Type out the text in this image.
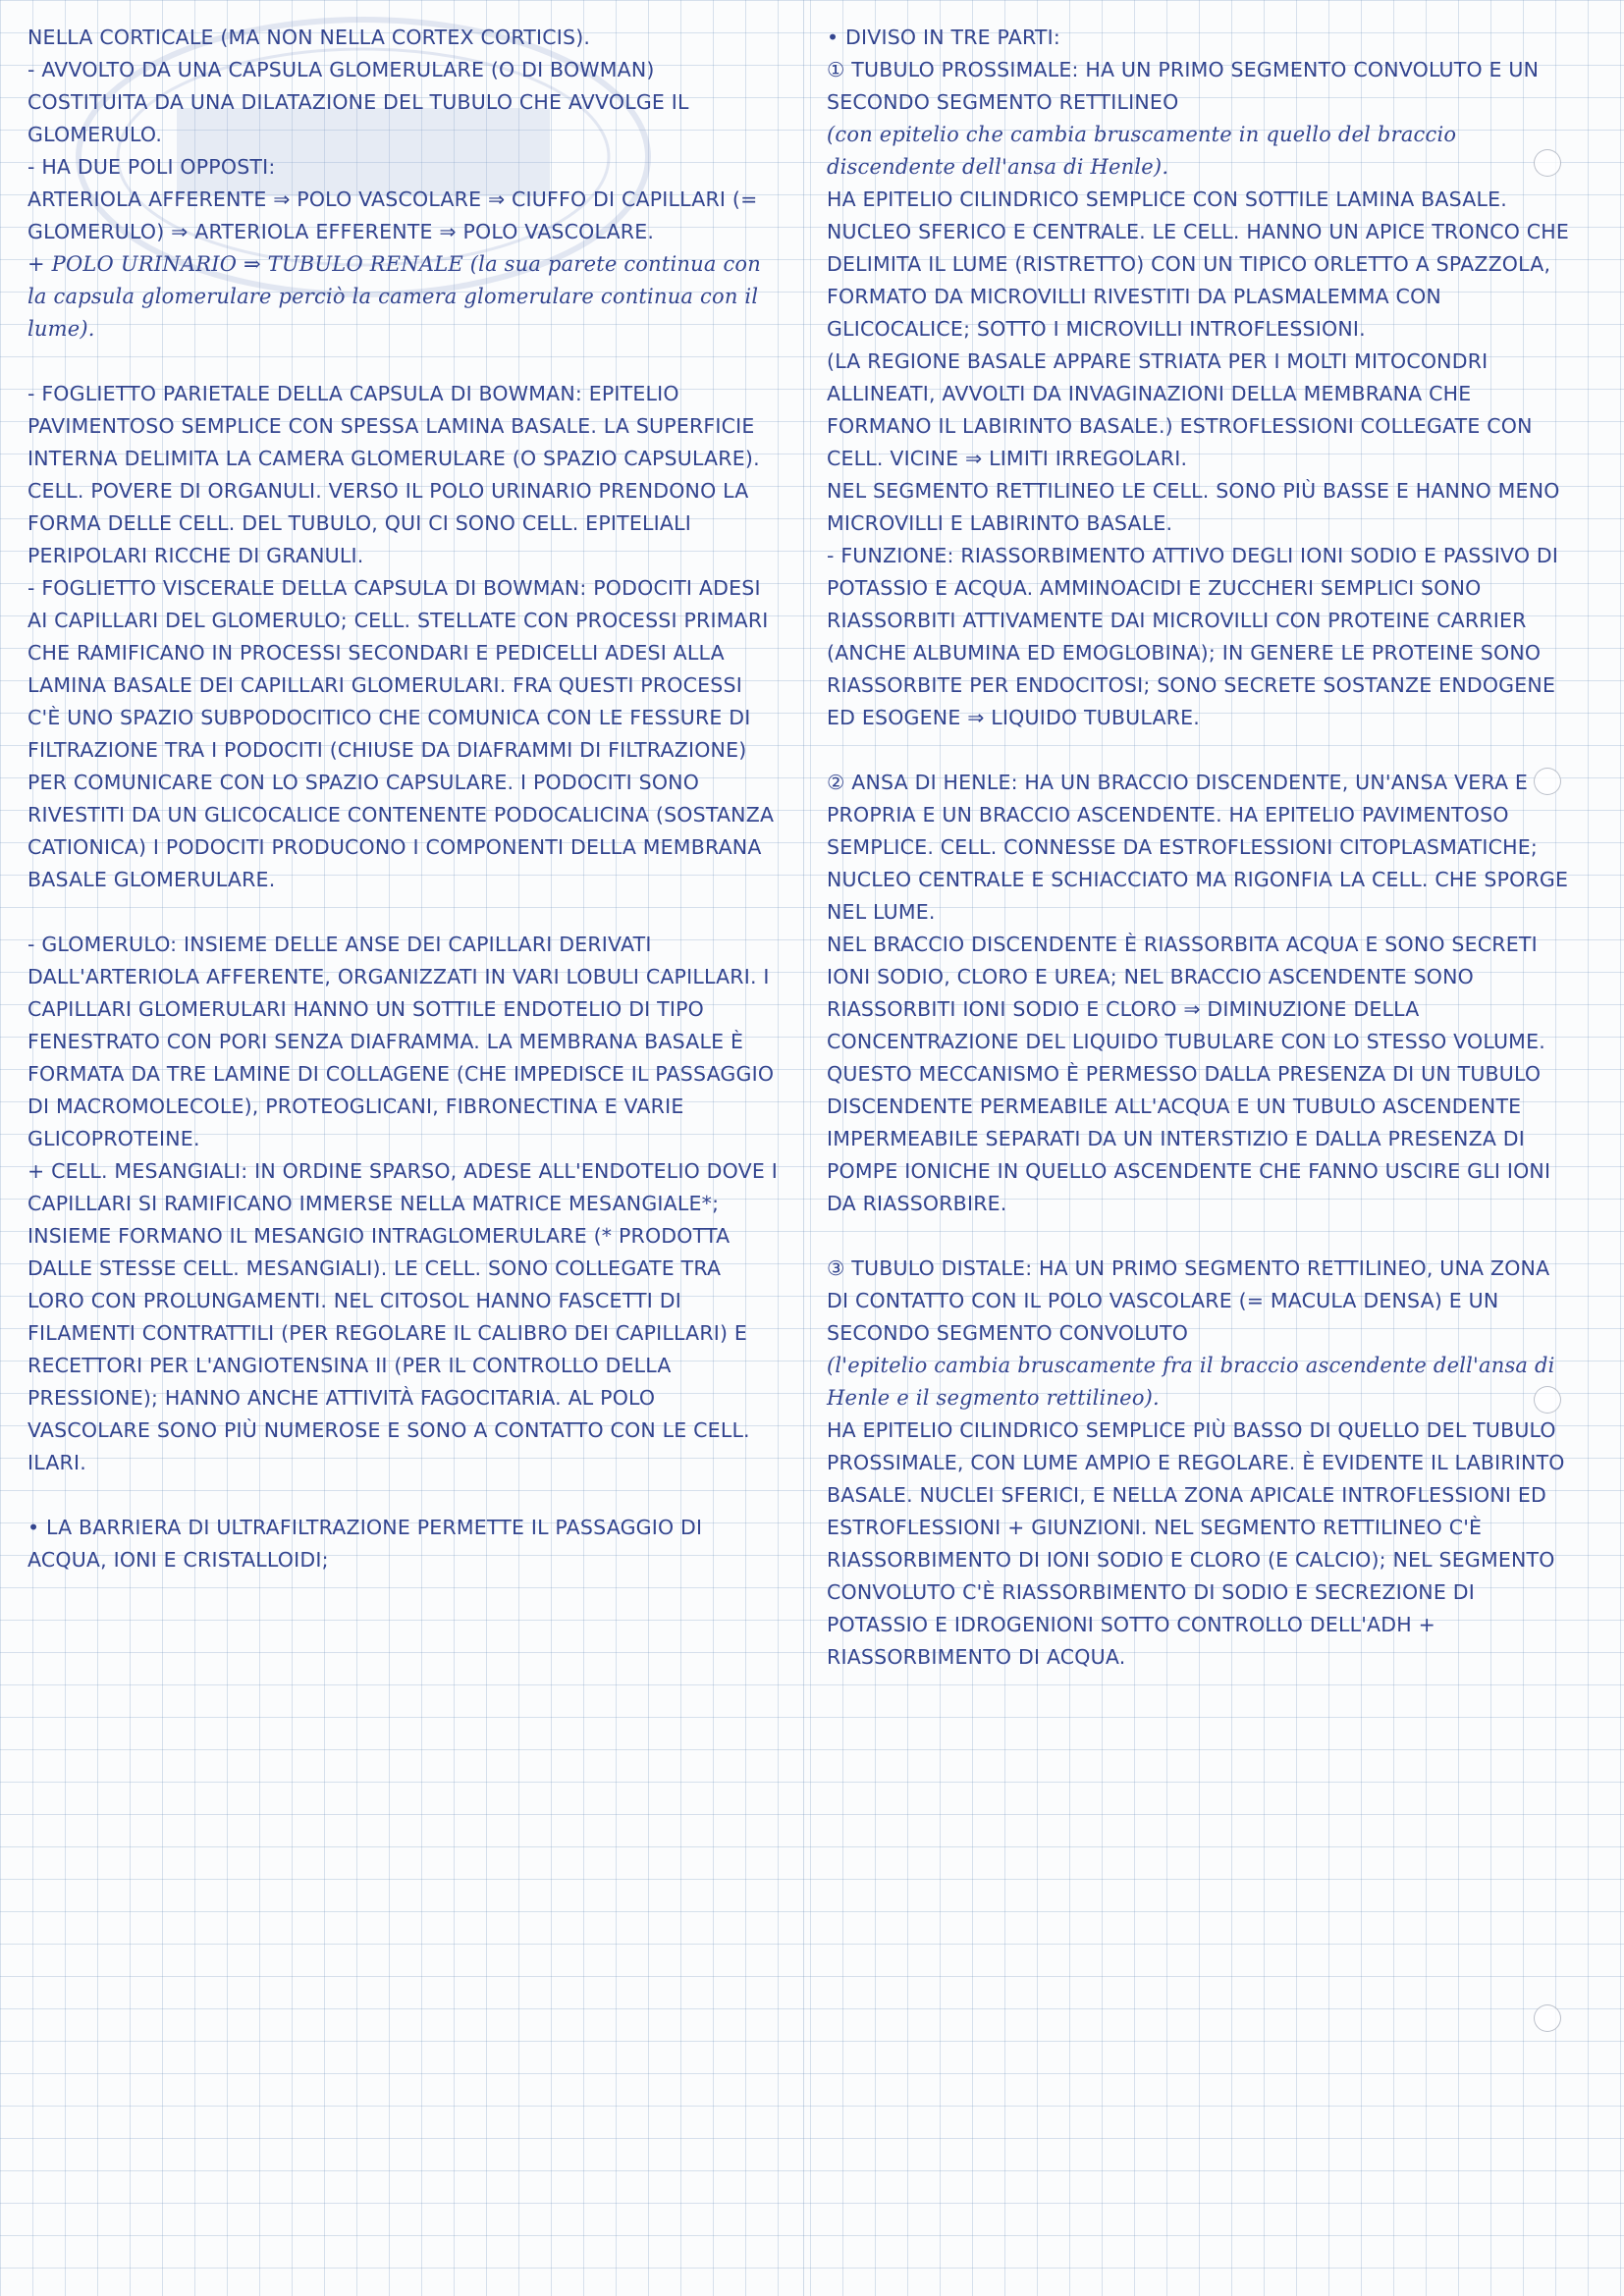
NELLA CORTICALE (MA NON NELLA CORTEX CORTICIS).

- AVVOLTO DA UNA CAPSULA GLOMERULARE (O DI BOWMAN) COSTITUITA DA UNA DILATAZIONE DEL TUBULO CHE AVVOLGE IL GLOMERULO.

- HA DUE POLI OPPOSTI:

ARTERIOLA AFFERENTE ⇒ POLO VASCOLARE ⇒ CIUFFO DI CAPILLARI (= GLOMERULO) ⇒ ARTERIOLA EFFERENTE ⇒ POLO VASCOLARE.

+ POLO URINARIO ⇒ TUBULO RENALE (la sua parete continua con la capsula glomerulare perciò la camera glomerulare continua con il lume).

- FOGLIETTO PARIETALE DELLA CAPSULA DI BOWMAN: EPITELIO PAVIMENTOSO SEMPLICE CON SPESSA LAMINA BASALE. LA SUPERFICIE INTERNA DELIMITA LA CAMERA GLOMERULARE (O SPAZIO CAPSULARE). CELL. POVERE DI ORGANULI. VERSO IL POLO URINARIO PRENDONO LA FORMA DELLE CELL. DEL TUBULO, QUI CI SONO CELL. EPITELIALI PERIPOLARI RICCHE DI GRANULI.

- FOGLIETTO VISCERALE DELLA CAPSULA DI BOWMAN: PODOCITI ADESI AI CAPILLARI DEL GLOMERULO; CELL. STELLATE CON PROCESSI PRIMARI CHE RAMIFICANO IN PROCESSI SECONDARI E PEDICELLI ADESI ALLA LAMINA BASALE DEI CAPILLARI GLOMERULARI. FRA QUESTI PROCESSI C'È UNO SPAZIO SUBPODOCITICO CHE COMUNICA CON LE FESSURE DI FILTRAZIONE TRA I PODOCITI (CHIUSE DA DIAFRAMMI DI FILTRAZIONE) PER COMUNICARE CON LO SPAZIO CAPSULARE. I PODOCITI SONO RIVESTITI DA UN GLICOCALICE CONTENENTE PODOCALICINA (SOSTANZA CATIONICA) I PODOCITI PRODUCONO I COMPONENTI DELLA MEMBRANA BASALE GLOMERULARE.

- GLOMERULO: INSIEME DELLE ANSE DEI CAPILLARI DERIVATI DALL'ARTERIOLA AFFERENTE, ORGANIZZATI IN VARI LOBULI CAPILLARI. I CAPILLARI GLOMERULARI HANNO UN SOTTILE ENDOTELIO DI TIPO FENESTRATO CON PORI SENZA DIAFRAMMA. LA MEMBRANA BASALE È FORMATA DA TRE LAMINE DI COLLAGENE (CHE IMPEDISCE IL PASSAGGIO DI MACROMOLECOLE), PROTEOGLICANI, FIBRONECTINA E VARIE GLICOPROTEINE.

+ CELL. MESANGIALI: IN ORDINE SPARSO, ADESE ALL'ENDOTELIO DOVE I CAPILLARI SI RAMIFICANO IMMERSE NELLA MATRICE MESANGIALE*; INSIEME FORMANO IL MESANGIO INTRAGLOMERULARE (* PRODOTTA DALLE STESSE CELL. MESANGIALI). LE CELL. SONO COLLEGATE TRA LORO CON PROLUNGAMENTI. NEL CITOSOL HANNO FASCETTI DI FILAMENTI CONTRATTILI (PER REGOLARE IL CALIBRO DEI CAPILLARI) E RECETTORI PER L'ANGIOTENSINA II (PER IL CONTROLLO DELLA PRESSIONE); HANNO ANCHE ATTIVITÀ FAGOCITARIA. AL POLO VASCOLARE SONO PIÙ NUMEROSE E SONO A CONTATTO CON LE CELL. ILARI.

• LA BARRIERA DI ULTRAFILTRAZIONE PERMETTE IL PASSAGGIO DI ACQUA, IONI E CRISTALLOIDI;

• DIVISO IN TRE PARTI:

① TUBULO PROSSIMALE: HA UN PRIMO SEGMENTO CONVOLUTO E UN SECONDO SEGMENTO RETTILINEO

(con epitelio che cambia bruscamente in quello del braccio discendente dell'ansa di Henle).

HA EPITELIO CILINDRICO SEMPLICE CON SOTTILE LAMINA BASALE. NUCLEO SFERICO E CENTRALE. LE CELL. HANNO UN APICE TRONCO CHE DELIMITA IL LUME (RISTRETTO) CON UN TIPICO ORLETTO A SPAZZOLA, FORMATO DA MICROVILLI RIVESTITI DA PLASMALEMMA CON GLICOCALICE; SOTTO I MICROVILLI INTROFLESSIONI.

(LA REGIONE BASALE APPARE STRIATA PER I MOLTI MITOCONDRI ALLINEATI, AVVOLTI DA INVAGINAZIONI DELLA MEMBRANA CHE FORMANO IL LABIRINTO BASALE.) ESTROFLESSIONI COLLEGATE CON CELL. VICINE ⇒ LIMITI IRREGOLARI.

NEL SEGMENTO RETTILINEO LE CELL. SONO PIÙ BASSE E HANNO MENO MICROVILLI E LABIRINTO BASALE.

- FUNZIONE: RIASSORBIMENTO ATTIVO DEGLI IONI SODIO E PASSIVO DI POTASSIO E ACQUA. AMMINOACIDI E ZUCCHERI SEMPLICI SONO RIASSORBITI ATTIVAMENTE DAI MICROVILLI CON PROTEINE CARRIER (ANCHE ALBUMINA ED EMOGLOBINA); IN GENERE LE PROTEINE SONO RIASSORBITE PER ENDOCITOSI; SONO SECRETE SOSTANZE ENDOGENE ED ESOGENE ⇒ LIQUIDO TUBULARE.

② ANSA DI HENLE: HA UN BRACCIO DISCENDENTE, UN'ANSA VERA E PROPRIA E UN BRACCIO ASCENDENTE. HA EPITELIO PAVIMENTOSO SEMPLICE. CELL. CONNESSE DA ESTROFLESSIONI CITOPLASMATICHE; NUCLEO CENTRALE E SCHIACCIATO MA RIGONFIA LA CELL. CHE SPORGE NEL LUME.

NEL BRACCIO DISCENDENTE È RIASSORBITA ACQUA E SONO SECRETI IONI SODIO, CLORO E UREA; NEL BRACCIO ASCENDENTE SONO RIASSORBITI IONI SODIO E CLORO ⇒ DIMINUZIONE DELLA CONCENTRAZIONE DEL LIQUIDO TUBULARE CON LO STESSO VOLUME. QUESTO MECCANISMO È PERMESSO DALLA PRESENZA DI UN TUBULO DISCENDENTE PERMEABILE ALL'ACQUA E UN TUBULO ASCENDENTE IMPERMEABILE SEPARATI DA UN INTERSTIZIO E DALLA PRESENZA DI POMPE IONICHE IN QUELLO ASCENDENTE CHE FANNO USCIRE GLI IONI DA RIASSORBIRE.

③ TUBULO DISTALE: HA UN PRIMO SEGMENTO RETTILINEO, UNA ZONA DI CONTATTO CON IL POLO VASCOLARE (= MACULA DENSA) E UN SECONDO SEGMENTO CONVOLUTO

(l'epitelio cambia bruscamente fra il braccio ascendente dell'ansa di Henle e il segmento rettilineo).

HA EPITELIO CILINDRICO SEMPLICE PIÙ BASSO DI QUELLO DEL TUBULO PROSSIMALE, CON LUME AMPIO E REGOLARE. È EVIDENTE IL LABIRINTO BASALE. NUCLEI SFERICI, E NELLA ZONA APICALE INTROFLESSIONI ED ESTROFLESSIONI + GIUNZIONI. NEL SEGMENTO RETTILINEO C'È RIASSORBIMENTO DI IONI SODIO E CLORO (E CALCIO); NEL SEGMENTO CONVOLUTO C'È RIASSORBIMENTO DI SODIO E SECREZIONE DI POTASSIO E IDROGENIONI SOTTO CONTROLLO DELL'ADH + RIASSORBIMENTO DI ACQUA.
